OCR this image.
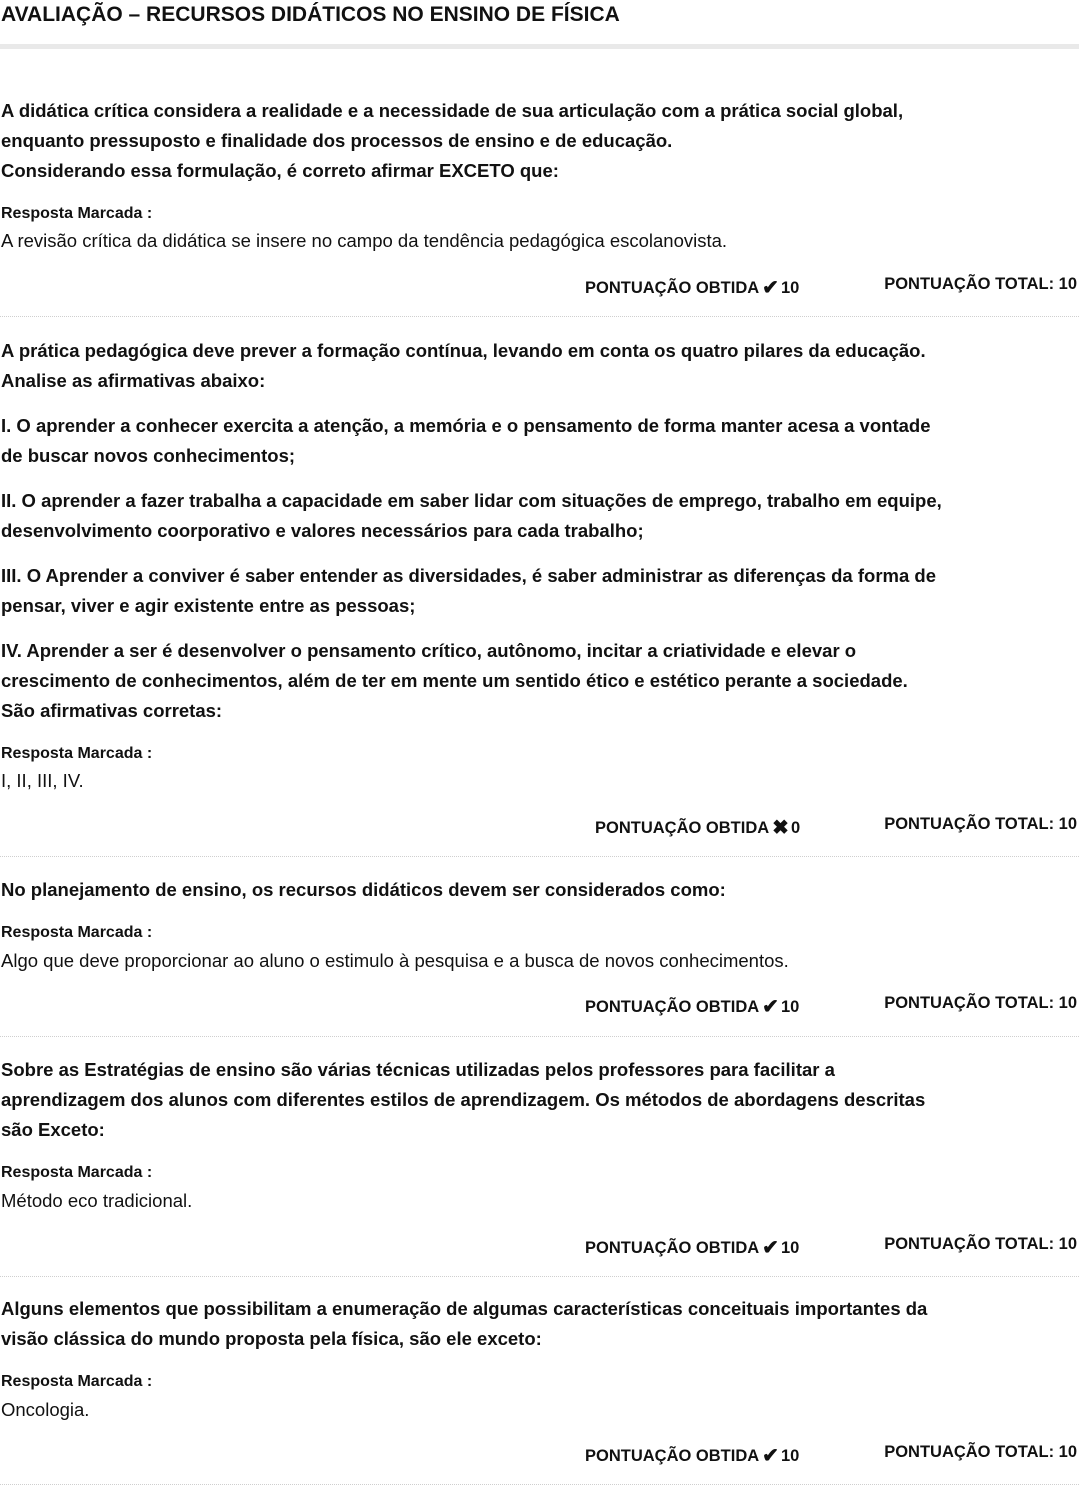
AVALIAÇÃO – RECURSOS DIDÁTICOS NO ENSINO DE FÍSICA
A didática crítica considera a realidade e a necessidade de sua articulação com a prática social global,
enquanto pressuposto e finalidade dos processos de ensino e de educação.
Considerando essa formulação, é correto afirmar EXCETO que:
Resposta Marcada :
A revisão crítica da didática se insere no campo da tendência pedagógica escolanovista.
PONTUAÇÃO OBTIDA ✔ 10	PONTUAÇÃO TOTAL: 10
A prática pedagógica deve prever a formação contínua, levando em conta os quatro pilares da educação.
Analise as afirmativas abaixo:
I. O aprender a conhecer exercita a atenção, a memória e o pensamento de forma manter acesa a vontade
de buscar novos conhecimentos;
II. O aprender a fazer trabalha a capacidade em saber lidar com situações de emprego, trabalho em equipe,
desenvolvimento coorporativo e valores necessários para cada trabalho;
III. O Aprender a conviver é saber entender as diversidades, é saber administrar as diferenças da forma de
pensar, viver e agir existente entre as pessoas;
IV. Aprender a ser é desenvolver o pensamento crítico, autônomo, incitar a criatividade e elevar o
crescimento de conhecimentos, além de ter em mente um sentido ético e estético perante a sociedade.
São afirmativas corretas:
Resposta Marcada :
I, II, III, IV.
PONTUAÇÃO OBTIDA ✖ 0	PONTUAÇÃO TOTAL: 10
No planejamento de ensino, os recursos didáticos devem ser considerados como:
Resposta Marcada :
Algo que deve proporcionar ao aluno o estimulo à pesquisa e a busca de novos conhecimentos.
PONTUAÇÃO OBTIDA ✔ 10	PONTUAÇÃO TOTAL: 10
Sobre as Estratégias de ensino são várias técnicas utilizadas pelos professores para facilitar a
aprendizagem dos alunos com diferentes estilos de aprendizagem. Os métodos de abordagens descritas
são Exceto:
Resposta Marcada :
Método eco tradicional.
PONTUAÇÃO OBTIDA ✔ 10	PONTUAÇÃO TOTAL: 10
Alguns elementos que possibilitam a enumeração de algumas características conceituais importantes da
visão clássica do mundo proposta pela física, são ele exceto:
Resposta Marcada :
Oncologia.
PONTUAÇÃO OBTIDA ✔ 10	PONTUAÇÃO TOTAL: 10
